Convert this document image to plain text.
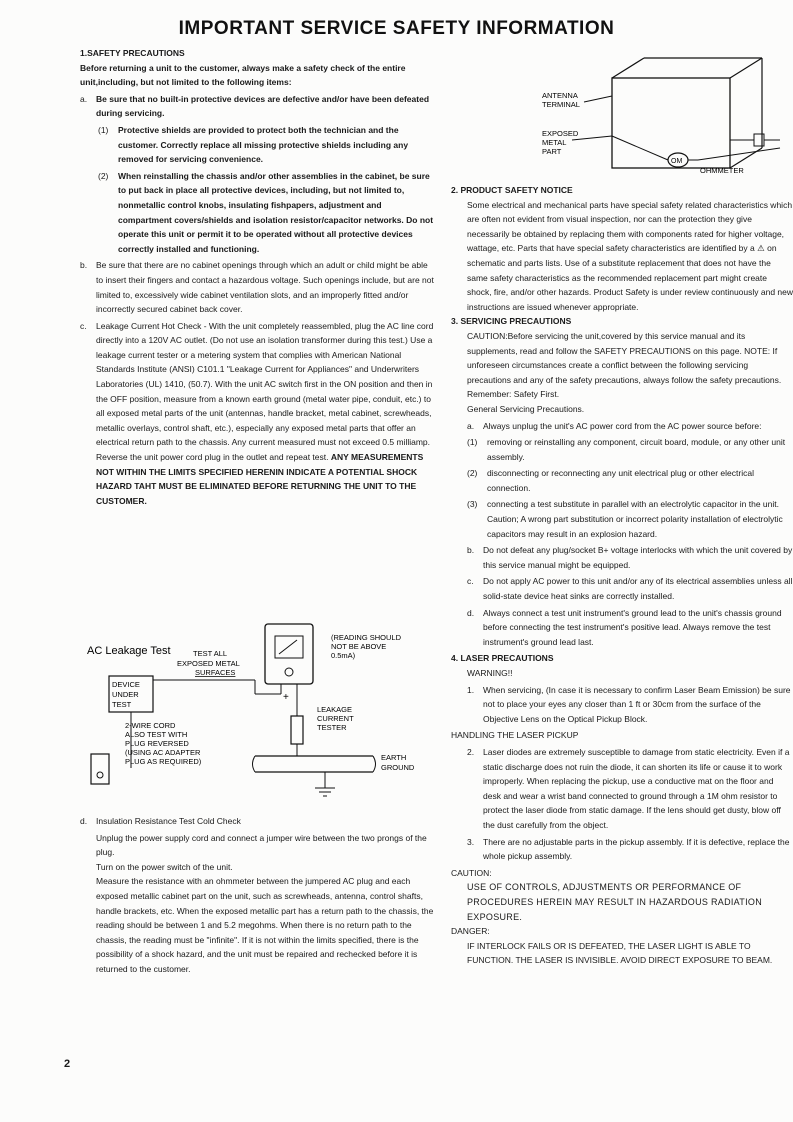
IMPORTANT SERVICE SAFETY INFORMATION
1.SAFETY PRECAUTIONS

Before returning a unit to the customer, always make a safety check of the entire unit,including, but not limited to the following items:

a.	Be sure that no built-in protective devices are defective and/or have been defeated during servicing.
(1)	Protective shields are provided to protect both the technician and the customer. Correctly replace all missing protective shields including any removed for servicing convenience.
(2)	When reinstalling the chassis and/or other assemblies in the cabinet, be sure to put back in place all protective devices, including, but not limited to, nonmetallic control knobs, insulating fishpapers, adjustment and compartment covers/shields and isolation resistor/capacitor networks. Do not operate this unit or permit it to be operated without all protective devices correctly installed and functioning.
b.	Be sure that there are no cabinet openings through which an adult or child might be able to insert their fingers and contact a hazardous voltage. Such openings include, but are not limited to, excessively wide cabinet ventilation slots, and an improperly fitted and/or incorrectly secured cabinet back cover.
c.	Leakage Current Hot Check - With the unit completely reassembled, plug the AC line cord directly into a 120V AC outlet. (Do not use an isolation transformer during this test.) Use a leakage current tester or a metering system that complies with American National Standards Institute (ANSI) C101.1 "Leakage Current for Appliances" and Underwriters Laboratories (UL) 1410, (50.7). With the unit AC switch first in the ON position and then in the OFF position, measure from a known earth ground (metal water pipe, conduit, etc.) to all exposed metal parts of the unit (antennas, handle bracket, metal cabinet, screwheads, metallic overlays, control shaft, etc.), especially any exposed metal parts that offer an electrical return path to the chassis. Any current measured must not exceed 0.5 milliamp. Reverse the unit power cord plug in the outlet and repeat test. ANY MEASUREMENTS NOT WITHIN THE LIMITS SPECIFIED HERENIN INDICATE A POTENTIAL SHOCK HAZARD TAHT MUST BE ELIMINATED BEFORE RETURNING THE UNIT TO THE CUSTOMER.
AC Leakage Test
DEVICE
UNDER
TEST
TEST ALL
EXPOSED METAL
SURFACES
(READING SHOULD
NOT BE ABOVE
0.5mA)
+
LEAKAGE
CURRENT
TESTER
2-WIRE CORD
ALSO TEST WITH
PLUG REVERSED
(USING AC ADAPTER
PLUG AS REQUIRED)	EARTH
GROUND
d.	Insulation Resistance Test Cold Check

Unplug the power supply cord and connect a jumper wire between the two prongs of the plug.

Turn on the power switch of the unit.

Measure the resistance with an ohmmeter between the jumpered AC plug and each exposed metallic cabinet part on the unit, such as screwheads, antenna, control shafts, handle brackets, etc. When the exposed metallic part has a return path to the chassis, the reading should be between 1 and 5.2 megohms. When there is no return path to the chassis, the reading must be "infinite". If it is not within the limits specified, there is the possibility of a shock hazard, and the unit must be repaired and rechecked before it is returned to the customer.

2
ANTENNA
TERMINAL
EXPOSED
METAL
PART
OM
OHMMETER
2. PRODUCT SAFETY NOTICE

Some electrical and mechanical parts have special safety related characteristics which are often not evident from visual inspection, nor can the protection they give necessarily be obtained by replacing them with components rated for higher voltage, wattage, etc. Parts that have special safety characteristics are identified by a ⚠ on schematic and parts lists. Use of a substitute replacement that does not have the same safety characteristics as the recommended replacement part might create shock, fire, and/or other hazards. Product Safety is under review continuously and new instructions are issued whenever appropriate.

3. SERVICING PRECAUTIONS

CAUTION:Before servicing the unit,covered by this service manual and its supplements, read and follow the SAFETY PRECAUTIONS on this page. NOTE: If unforeseen circumstances create a conflict between the following servicing precautions and any of the safety precautions, always follow the safety precautions. Remember: Safety First.

General Servicing Precautions.

a.	Always unplug the unit's AC power cord from the AC power source before:
(1)	removing or reinstalling any component, circuit board, module, or any other unit assembly.
(2)	disconnecting or reconnecting any unit electrical plug or other electrical connection.
(3)	connecting a test substitute in parallel with an electrolytic capacitor in the unit.
Caution; A wrong part substitution or incorrect polarity installation of electrolytic capacitors may result in an explosion hazard.
b.	Do not defeat any plug/socket B+ voltage interlocks with which the unit covered by this service manual might be equipped.
c.	Do not apply AC power to this unit and/or any of its electrical assemblies unless all solid-state device heat sinks are correctly installed.
d.	Always connect a test unit instrument's ground lead to the unit's chassis ground before connecting the test instrument's positive lead. Always remove the test instrument's ground lead last.
4. LASER PRECAUTIONS
WARNING!!
1.	When servicing, (In case it is necessary to confirm Laser Beam Emission) be sure not to place your eyes any closer than 1 ft or 30cm from the surface of the Objective Lens on the Optical Pickup Block.
HANDLING THE LASER PICKUP
2.	Laser diodes are extremely susceptible to damage from static electricity. Even if a static discharge does not ruin the diode, it can shorten its life or cause it to work improperly. When replacing the pickup, use a conductive mat on the floor and desk and wear a wrist band connected to ground through a 1M ohm resistor to protect the laser diode from static damage. If the lens should get dusty, blow off the dust carefully from the object.
3.	There are no adjustable parts in the pickup assembly. If it is defective, replace the whole pickup assembly.
CAUTION:
USE OF CONTROLS, ADJUSTMENTS OR PERFORMANCE OF PROCEDURES HEREIN MAY RESULT IN HAZARDOUS RADIATION EXPOSURE.
DANGER:
IF INTERLOCK FAILS OR IS DEFEATED, THE LASER LIGHT IS ABLE TO FUNCTION. THE LASER IS INVISIBLE. AVOID DIRECT EXPOSURE TO BEAM.
